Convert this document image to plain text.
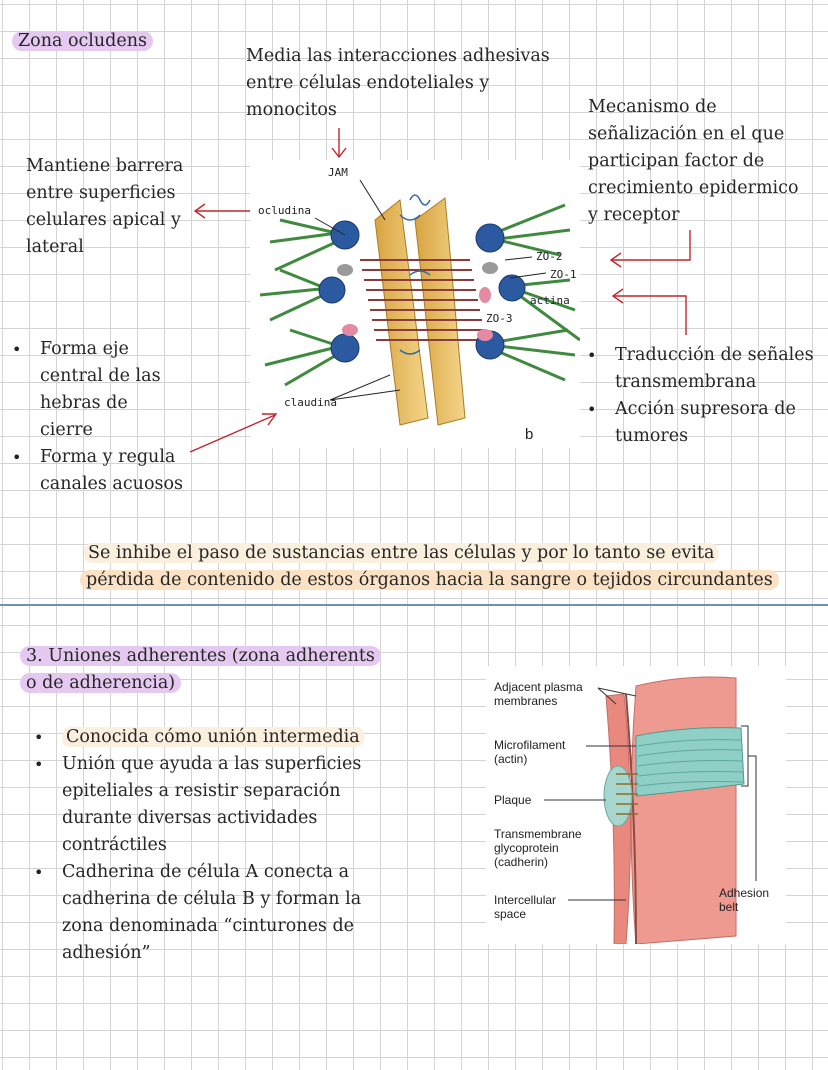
Zona ocludens
Media las interacciones adhesivas
entre células endoteliales y
monocitos
Mantiene barrera
entre superficies
celulares apical y
lateral
Mecanismo de
señalización en el que
participan factor de
crecimiento epidermico
y receptor
• Forma eje
central de las
hebras de
cierre
• Forma y regula
canales acuosos
• Traducción de señales
transmembrana
• Acción supresora de
tumores
JAM
ocludina
ZO-2
ZO-1
actina
ZO-3
claudina
b
Se inhibe el paso de sustancias entre las células y por lo tanto se evita
pérdida de contenido de estos órganos hacia la sangre o tejidos circundantes
3. Uniones adherentes (zona adherents
o de adherencia)
• Conocida cómo unión intermedia
• Unión que ayuda a las superficies
epiteliales a resistir separación
durante diversas actividades
contráctiles
• Cadherina de célula A conecta a
cadherina de célula B y forman la
zona denominada “cinturones de
adhesión”
Adjacent plasma
membranes
Microfilament
(actin)
Plaque
Transmembrane
glycoprotein
(cadherin)
Intercellular
space
Adhesion
belt
